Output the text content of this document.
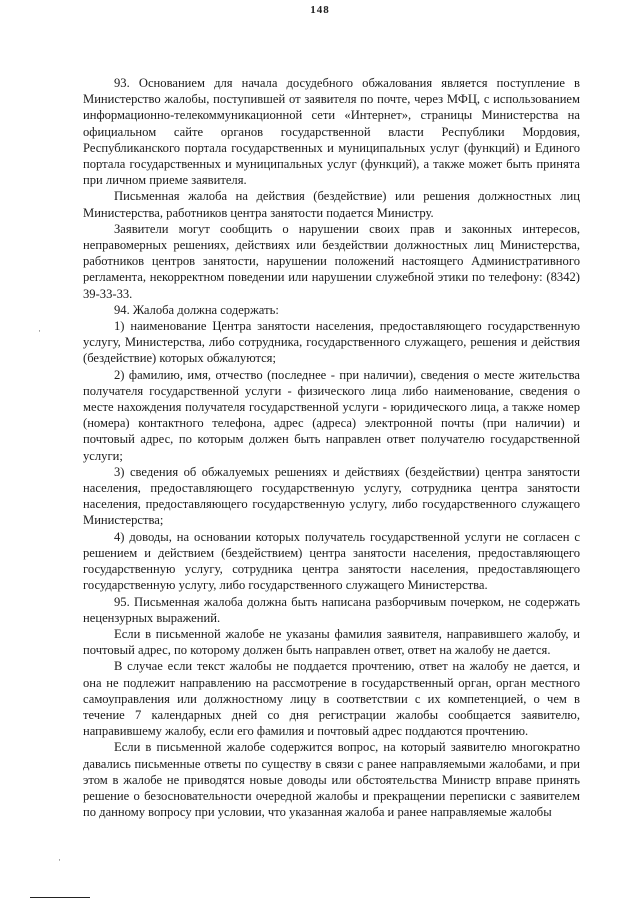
148

93. Основанием для начала досудебного обжалования является поступление в Министерство жалобы, поступившей от заявителя по почте, через МФЦ, с использованием информационно-телекоммуникационной сети «Интернет», страницы Министерства на официальном сайте органов государственной власти Республики Мордовия, Республиканского портала государственных и муниципальных услуг (функций) и Единого портала государственных и муниципальных услуг (функций), а также может быть принята при личном приеме заявителя.

Письменная жалоба на действия (бездействие) или решения должностных лиц Министерства, работников центра занятости подается Министру.

Заявители могут сообщить о нарушении своих прав и законных интересов, неправомерных решениях, действиях или бездействии должностных лиц Министерства, работников центров занятости, нарушении положений настоящего Административного регламента, некорректном поведении или нарушении служебной этики по телефону: (8342) 39-33-33.

94. Жалоба должна содержать:

1) наименование Центра занятости населения, предоставляющего государственную услугу, Министерства, либо сотрудника, государственного служащего, решения и действия (бездействие) которых обжалуются;

2) фамилию, имя, отчество (последнее - при наличии), сведения о месте жительства получателя государственной услуги - физического лица либо наименование, сведения о месте нахождения получателя государственной услуги - юридического лица, а также номер (номера) контактного телефона, адрес (адреса) электронной почты (при наличии) и почтовый адрес, по которым должен быть направлен ответ получателю государственной услуги;

3) сведения об обжалуемых решениях и действиях (бездействии) центра занятости населения, предоставляющего государственную услугу, сотрудника центра занятости населения, предоставляющего государственную услугу, либо государственного служащего Министерства;

4) доводы, на основании которых получатель государственной услуги не согласен с решением и действием (бездействием) центра занятости населения, предоставляющего государственную услугу, сотрудника центра занятости населения, предоставляющего государственную услугу, либо государственного служащего Министерства.

95. Письменная жалоба должна быть написана разборчивым почерком, не содержать нецензурных выражений.

Если в письменной жалобе не указаны фамилия заявителя, направившего жалобу, и почтовый адрес, по которому должен быть направлен ответ, ответ на жалобу не дается.

В случае если текст жалобы не поддается прочтению, ответ на жалобу не дается, и она не подлежит направлению на рассмотрение в государственный орган, орган местного самоуправления или должностному лицу в соответствии с их компетенцией, о чем в течение 7 календарных дней со дня регистрации жалобы сообщается заявителю, направившему жалобу, если его фамилия и почтовый адрес поддаются прочтению.

Если в письменной жалобе содержится вопрос, на который заявителю многократно давались письменные ответы по существу в связи с ранее направляемыми жалобами, и при этом в жалобе не приводятся новые доводы или обстоятельства Министр вправе принять решение о безосновательности очередной жалобы и прекращении переписки с заявителем по данному вопросу при условии, что указанная жалоба и ранее направляемые жалобы

·
·
